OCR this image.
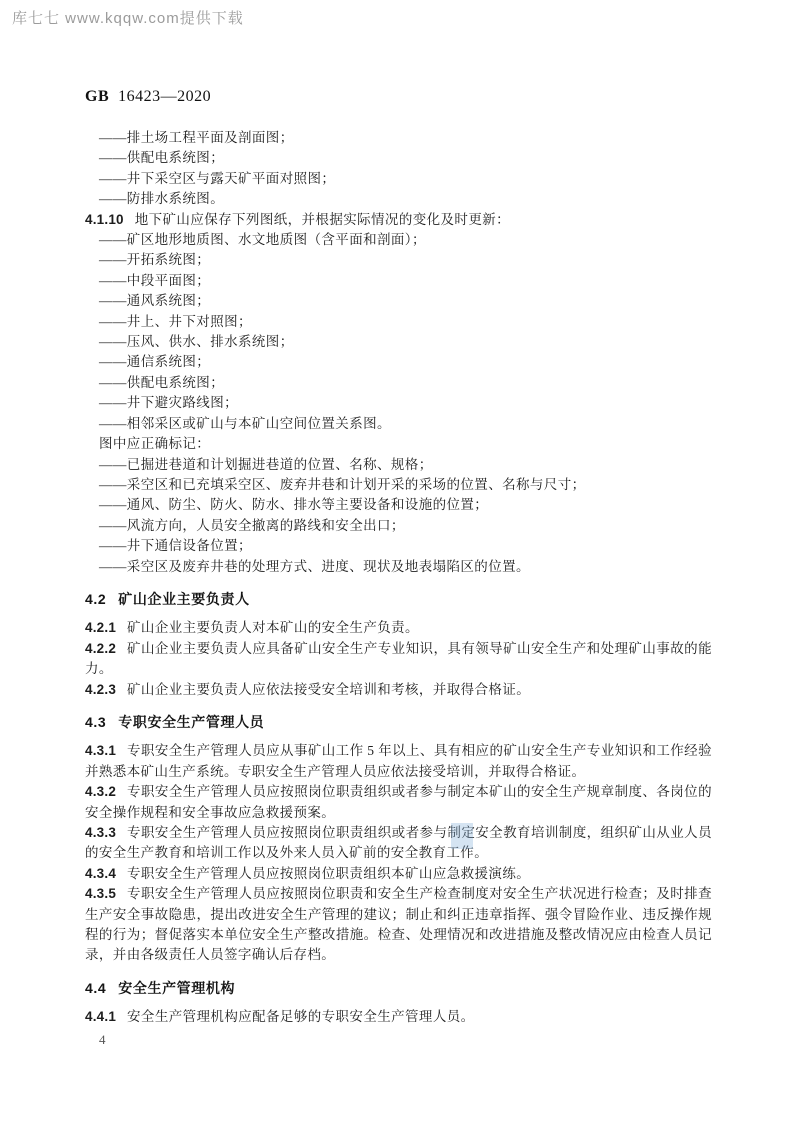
库七七 www.kqqw.com提供下载
GB 16423—2020
——排土场工程平面及剖面图；
——供配电系统图；
——井下采空区与露天矿平面对照图；
——防排水系统图。
4.1.10 地下矿山应保存下列图纸，并根据实际情况的变化及时更新：
——矿区地形地质图、水文地质图（含平面和剖面）；
——开拓系统图；
——中段平面图；
——通风系统图；
——井上、井下对照图；
——压风、供水、排水系统图；
——通信系统图；
——供配电系统图；
——井下避灾路线图；
——相邻采区或矿山与本矿山空间位置关系图。
图中应正确标记：
——已掘进巷道和计划掘进巷道的位置、名称、规格；
——采空区和已充填采空区、废弃井巷和计划开采的采场的位置、名称与尺寸；
——通风、防尘、防火、防水、排水等主要设备和设施的位置；
——风流方向，人员安全撤离的路线和安全出口；
——井下通信设备位置；
——采空区及废弃井巷的处理方式、进度、现状及地表塌陷区的位置。
4.2 矿山企业主要负责人
4.2.1 矿山企业主要负责人对本矿山的安全生产负责。
4.2.2 矿山企业主要负责人应具备矿山安全生产专业知识，具有领导矿山安全生产和处理矿山事故的能力。
4.2.3 矿山企业主要负责人应依法接受安全培训和考核，并取得合格证。
4.3 专职安全生产管理人员
4.3.1 专职安全生产管理人员应从事矿山工作 5 年以上、具有相应的矿山安全生产专业知识和工作经验并熟悉本矿山生产系统。专职安全生产管理人员应依法接受培训，并取得合格证。
4.3.2 专职安全生产管理人员应按照岗位职责组织或者参与制定本矿山的安全生产规章制度、各岗位的安全操作规程和安全事故应急救援预案。
4.3.3 专职安全生产管理人员应按照岗位职责组织或者参与制定安全教育培训制度，组织矿山从业人员的安全生产教育和培训工作以及外来人员入矿前的安全教育工作。
4.3.4 专职安全生产管理人员应按照岗位职责组织本矿山应急救援演练。
4.3.5 专职安全生产管理人员应按照岗位职责和安全生产检查制度对安全生产状况进行检查；及时排查生产安全事故隐患，提出改进安全生产管理的建议；制止和纠正违章指挥、强令冒险作业、违反操作规程的行为；督促落实本单位安全生产整改措施。检查、处理情况和改进措施及整改情况应由检查人员记录，并由各级责任人员签字确认后存档。
4.4 安全生产管理机构
4.4.1 安全生产管理机构应配备足够的专职安全生产管理人员。
4
